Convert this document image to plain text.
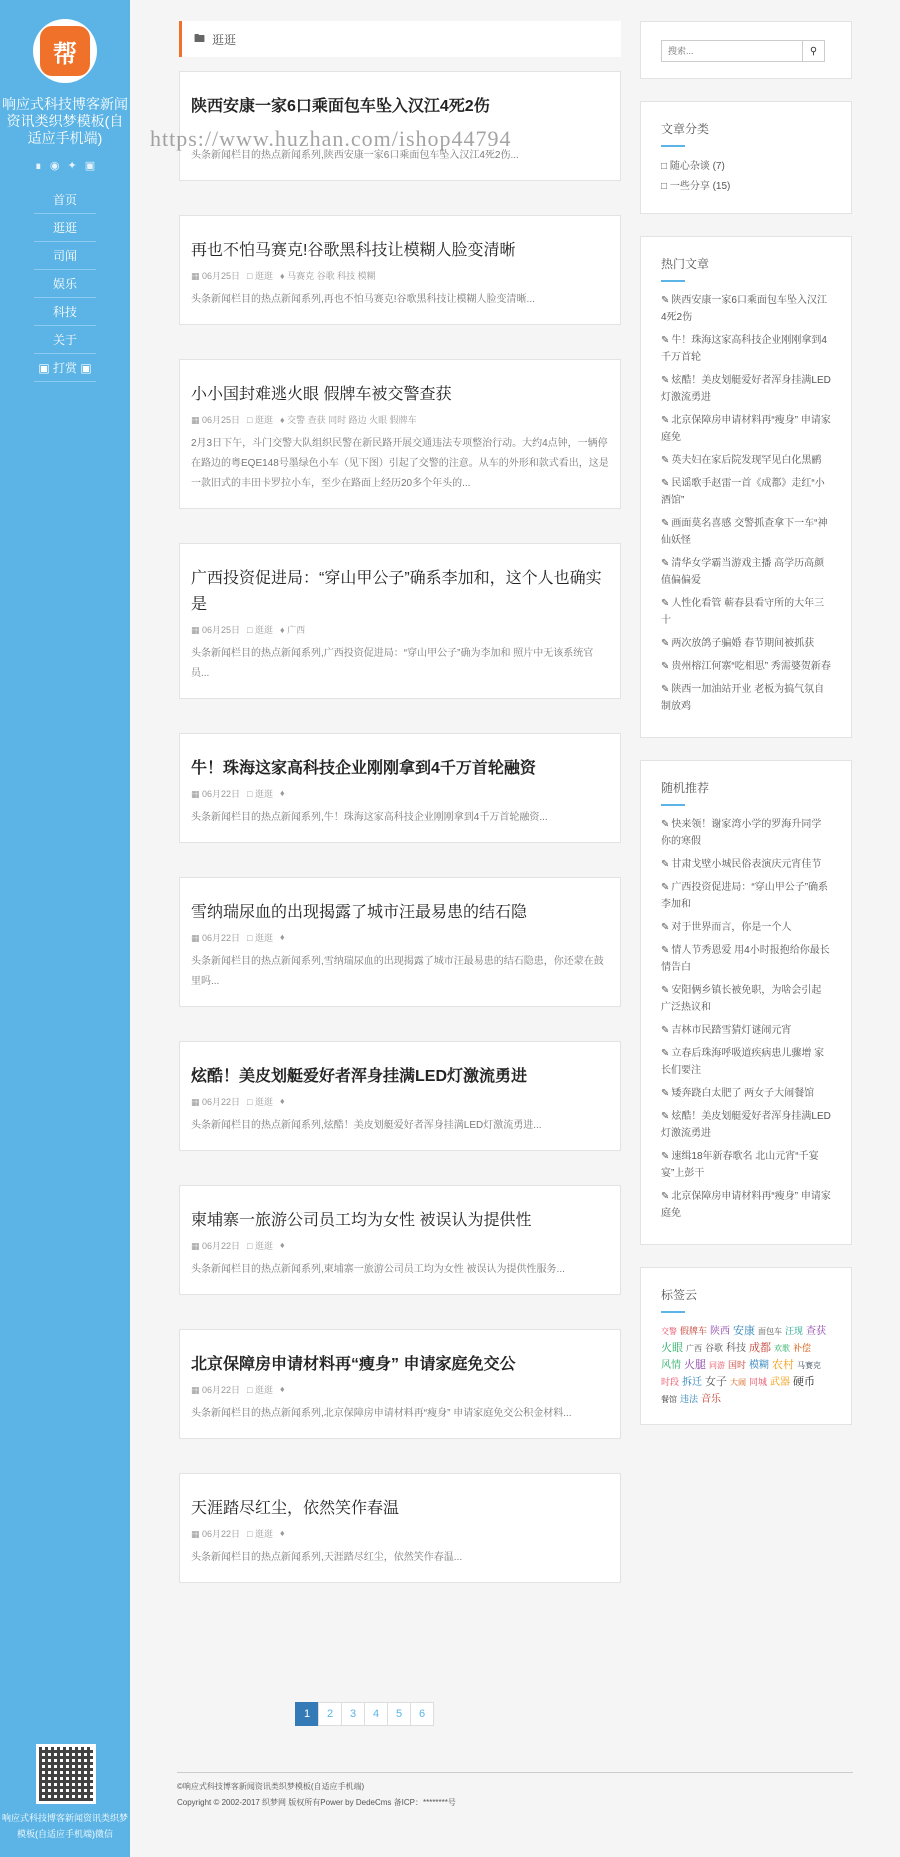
帮
响应式科技博客新闻资讯类织梦模板(自适应手机端)
∎ ◉ ✦ ▣
首页
逛逛
司闻
娱乐
科技
关于
▣ 打赏 ▣
响应式科技博客新闻资讯类织梦模板(自适应手机端)微信
🖿 逛逛
陕西安康一家6口乘面包车坠入汉江4死2伤
头条新闻栏目的热点新闻系列,陕西安康一家6口乘面包车坠入汉江4死2伤...
再也不怕马赛克!谷歌黑科技让模糊人脸变清晰
▦ 06月25日 □ 逛逛 ♦ 马赛克 谷歌 科技 模糊
头条新闻栏目的热点新闻系列,再也不怕马赛克!谷歌黑科技让模糊人脸变清晰...
小小国封难逃火眼 假牌车被交警查获
▦ 06月25日 □ 逛逛 ♦ 交警 查获 同时 路边 火眼 假牌车
2月3日下午，斗门交警大队组织民警在新民路开展交通违法专项整治行动。大约4点钟，一辆停在路边的粤EQE148号墨绿色小车（见下图）引起了交警的注意。从车的外形和款式看出，这是一款旧式的丰田卡罗拉小车，至少在路面上经历20多个年头的...
广西投资促进局：“穿山甲公子”确系李加和，这个人也确实是
▦ 06月25日 □ 逛逛 ♦ 广西
头条新闻栏目的热点新闻系列,广西投资促进局：“穿山甲公子”确为李加和 照片中无该系统官员...
牛！珠海这家高科技企业刚刚拿到4千万首轮融资
▦ 06月22日 □ 逛逛 ♦
头条新闻栏目的热点新闻系列,牛！珠海这家高科技企业刚刚拿到4千万首轮融资...
雪纳瑞尿血的出现揭露了城市汪最易患的结石隐
▦ 06月22日 □ 逛逛 ♦
头条新闻栏目的热点新闻系列,雪纳瑞尿血的出现揭露了城市汪最易患的结石隐患，你还蒙在鼓里吗...
炫酷！美皮划艇爱好者浑身挂满LED灯激流勇进
▦ 06月22日 □ 逛逛 ♦
头条新闻栏目的热点新闻系列,炫酷！美皮划艇爱好者浑身挂满LED灯激流勇进...
柬埔寨一旅游公司员工均为女性 被误认为提供性
▦ 06月22日 □ 逛逛 ♦
头条新闻栏目的热点新闻系列,柬埔寨一旅游公司员工均为女性 被误认为提供性服务...
北京保障房申请材料再“瘦身” 申请家庭免交公
▦ 06月22日 □ 逛逛 ♦
头条新闻栏目的热点新闻系列,北京保障房申请材料再“瘦身” 申请家庭免交公积金材料...
天涯踏尽红尘，依然笑作春温
▦ 06月22日 □ 逛逛 ♦
头条新闻栏目的热点新闻系列,天涯踏尽红尘，依然笑作春温...
1	2	3	4	5	6
搜索...
⚲
文章分类
□ 随心杂谈 (7)
□ 一些分享 (15)
热门文章
✎ 陕西安康一家6口乘面包车坠入汉江4死2伤
✎ 牛！珠海这家高科技企业刚刚拿到4千万首轮
✎ 炫酷！美皮划艇爱好者浑身挂满LED灯激流勇进
✎ 北京保障房申请材料再“瘦身” 申请家庭免
✎ 英夫妇在家后院发现罕见白化黑鹂
✎ 民谣歌手赵雷一首《成都》走红“小酒馆”
✎ 画面莫名喜感 交警抓查拿下一车“神仙妖怪
✎ 清华女学霸当游戏主播 高学历高颜值偏偏爱
✎ 人性化看管 蕲春县看守所的大年三十
✎ 两次放鸽子骗婚 春节期间被抓获
✎ 贵州榕江何寨“吃相思” 秀需婆贺新春
✎ 陕西一加油站开业 老板为搞气氛自制放鸡
随机推荐
✎ 快来领！谢家湾小学的罗海升同学 你的寒假
✎ 甘肃戈壁小城民俗表演庆元宵佳节
✎ 广西投资促进局：“穿山甲公子”确系李加和
✎ 对于世界而言，你是一个人
✎ 情人节秀恩爱 用4小时报抱给你最长情告白
✎ 安阳俩乡镇长被免职，为啥会引起广泛热议和
✎ 吉林市民踏雪猜灯谜闹元宵
✎ 立春后珠海呼吸道疾病患儿骤增 家长们要注
✎ 矮奔跷白太肥了 两女子大闹餐馆
✎ 炫酷！美皮划艇爱好者浑身挂满LED灯激流勇进
✎ 速缉18年新春歌名 北山元宵“千宴宴”上彭干
✎ 北京保障房申请材料再“瘦身” 申请家庭免
标签云
交警 假牌车 陕西 安康 面包车 汪现 查获火眼 广西 谷歌 科技 成都 欢歌 补偿风情 火腿 同游 国时 模糊 农村 马赛克时段 拆迁 女子 大闹 同城 武器 硬币餐馆 违法 音乐
https://www.huzhan.com/ishop44794
©响应式科技博客新闻资讯类织梦模板(自适应手机端)
Copyright © 2002-2017 织梦网 版权所有Power by DedeCms 备ICP：********号
